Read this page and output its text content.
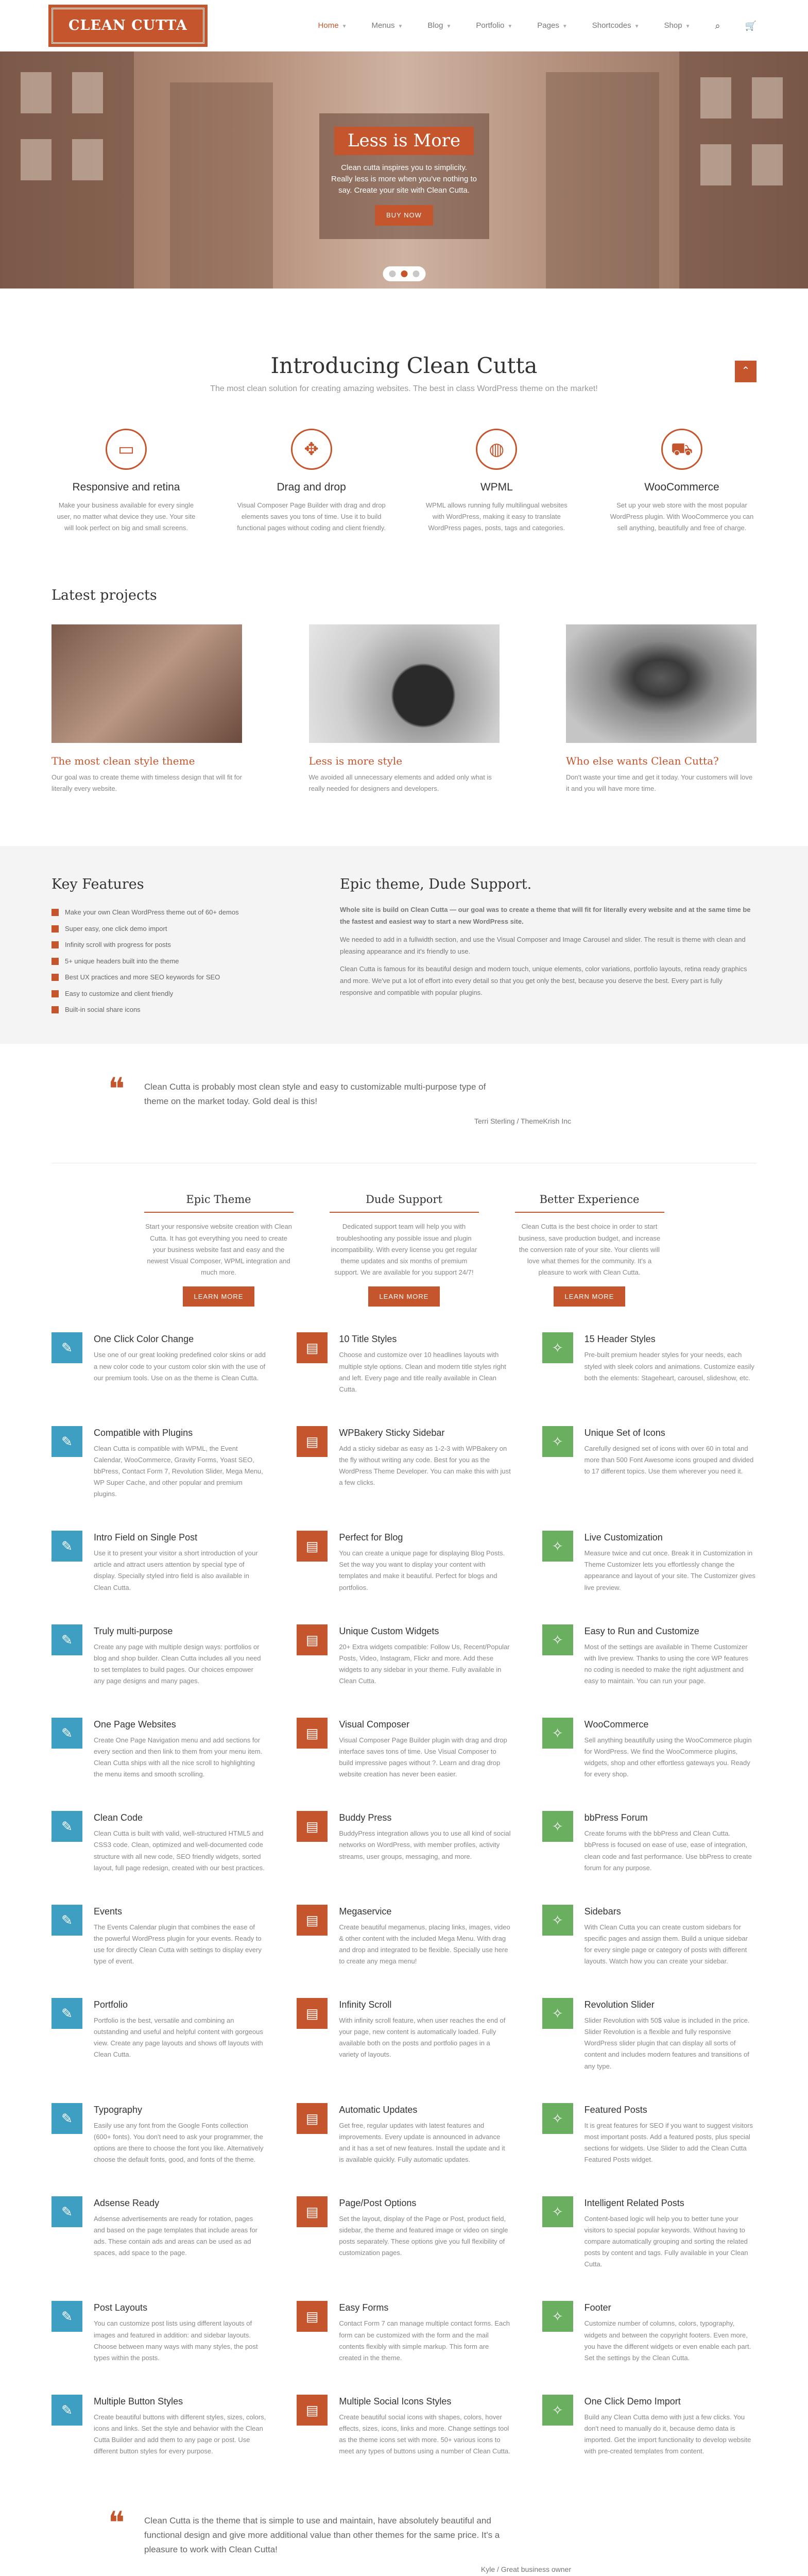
CLEAN CUTTA	Home ▼	Menus ▼	Blog ▼	Portfolio ▼	Pages ▼	Shortcodes ▼	Shop ▼	⌕	🛒
Less is More

Clean cutta inspires you to simplicity. Really less is more when you've nothing to say. Create your site with Clean Cutta.

BUY NOW
⌃
Introducing Clean Cutta
The most clean solution for creating amazing websites. The best in class WordPress theme on the market!
▭
Responsive and retina

Make your business available for every single user, no matter what device they use. Your site will look perfect on big and small screens.

✥
Drag and drop

Visual Composer Page Builder with drag and drop elements saves you tons of time. Use it to build functional pages without coding and client friendly.

◍
WPML

WPML allows running fully multilingual websites with WordPress, making it easy to translate WordPress pages, posts, tags and categories.

⛟
WooCommerce

Set up your web store with the most popular WordPress plugin. With WooCommerce you can sell anything, beautifully and free of charge.

Latest projects
The most clean style theme

Our goal was to create theme with timeless design that will fit for literally every website.

Less is more style

We avoided all unnecessary elements and added only what is really needed for designers and developers.

Who else wants Clean Cutta?

Don't waste your time and get it today. Your customers will love it and you will have more time.

Key Features
Make your own Clean WordPress theme out of 60+ demos
Super easy, one click demo import
Infinity scroll with progress for posts
5+ unique headers built into the theme
Best UX practices and more SEO keywords for SEO
Easy to customize and client friendly
Built-in social share icons
Epic theme, Dude Support.

Whole site is build on Clean Cutta — our goal was to create a theme that will fit for literally every website and at the same time be the fastest and easiest way to start a new WordPress site.

We needed to add in a fullwidth section, and use the Visual Composer and Image Carousel and slider. The result is theme with clean and pleasing appearance and it's friendly to use.

Clean Cutta is famous for its beautiful design and modern touch, unique elements, color variations, portfolio layouts, retina ready graphics and more. We've put a lot of effort into every detail so that you get only the best, because you deserve the best. Every part is fully responsive and compatible with popular plugins.

❝ Clean Cutta is probably most clean style and easy to customizable multi-purpose type of theme on the market today. Gold deal is this!

Terri Sterling / ThemeKrish Inc

Epic Theme

Start your responsive website creation with Clean Cutta. It has got everything you need to create your business website fast and easy and the newest Visual Composer, WPML integration and much more.

LEARN MORE
Dude Support

Dedicated support team will help you with troubleshooting any possible issue and plugin incompatibility. With every license you get regular theme updates and six months of premium support. We are available for you support 24/7!

LEARN MORE
Better Experience

Clean Cutta is the best choice in order to start business, save production budget, and increase the conversion rate of your site. Your clients will love what themes for the community. It's a pleasure to work with Clean Cutta.

LEARN MORE
✎
One Click Color Change

Use one of our great looking predefined color skins or add a new color code to your custom color skin with the use of our premium tools. Use on as the theme is Clean Cutta.

▤
10 Title Styles

Choose and customize over 10 headlines layouts with multiple style options. Clean and modern title styles right and left. Every page and title really available in Clean Cutta.

✧
15 Header Styles

Pre-built premium header styles for your needs, each styled with sleek colors and animations. Customize easily both the elements: Stageheart, carousel, slideshow, etc.

✎
Compatible with Plugins

Clean Cutta is compatible with WPML, the Event Calendar, WooCommerce, Gravity Forms, Yoast SEO, bbPress, Contact Form 7, Revolution Slider, Mega Menu, WP Super Cache, and other popular and premium plugins.

▤
WPBakery Sticky Sidebar

Add a sticky sidebar as easy as 1-2-3 with WPBakery on the fly without writing any code. Best for you as the WordPress Theme Developer. You can make this with just a few clicks.

✧
Unique Set of Icons

Carefully designed set of icons with over 60 in total and more than 500 Font Awesome icons grouped and divided to 17 different topics. Use them wherever you need it.

✎
Intro Field on Single Post

Use it to present your visitor a short introduction of your article and attract users attention by special type of display. Specially styled intro field is also available in Clean Cutta.

▤
Perfect for Blog

You can create a unique page for displaying Blog Posts. Set the way you want to display your content with templates and make it beautiful. Perfect for blogs and portfolios.

✧
Live Customization

Measure twice and cut once. Break it in Customization in Theme Customizer lets you effortlessly change the appearance and layout of your site. The Customizer gives live preview.

✎
Truly multi-purpose

Create any page with multiple design ways: portfolios or blog and shop builder. Clean Cutta includes all you need to set templates to build pages. Our choices empower any page designs and many pages.

▤
Unique Custom Widgets

20+ Extra widgets compatible: Follow Us, Recent/Popular Posts, Video, Instagram, Flickr and more. Add these widgets to any sidebar in your theme. Fully available in Clean Cutta.

✧
Easy to Run and Customize

Most of the settings are available in Theme Customizer with live preview. Thanks to using the core WP features no coding is needed to make the right adjustment and easy to maintain. You can run your page.

✎
One Page Websites

Create One Page Navigation menu and add sections for every section and then link to them from your menu item. Clean Cutta ships with all the nice scroll to highlighting the menu items and smooth scrolling.

▤
Visual Composer

Visual Composer Page Builder plugin with drag and drop interface saves tons of time. Use Visual Composer to build impressive pages without ?. Learn and drag drop website creation has never been easier.

✧
WooCommerce

Sell anything beautifully using the WooCommerce plugin for WordPress. We find the WooCommerce plugins, widgets, shop and other effortless gateways you. Ready for every shop.

✎
Clean Code

Clean Cutta is built with valid, well-structured HTML5 and CSS3 code. Clean, optimized and well-documented code structure with all new code, SEO friendly widgets, sorted layout, full page redesign, created with our best practices.

▤
Buddy Press

BuddyPress integration allows you to use all kind of social networks on WordPress, with member profiles, activity streams, user groups, messaging, and more.

✧
bbPress Forum

Create forums with the bbPress and Clean Cutta. bbPress is focused on ease of use, ease of integration, clean code and fast performance. Use bbPress to create forum for any purpose.

✎
Events

The Events Calendar plugin that combines the ease of the powerful WordPress plugin for your events. Ready to use for directly Clean Cutta with settings to display every type of event.

▤
Megaservice

Create beautiful megamenus, placing links, images, video & other content with the included Mega Menu. With drag and drop and integrated to be flexible. Specially use here to create any mega menu!

✧
Sidebars

With Clean Cutta you can create custom sidebars for specific pages and assign them. Build a unique sidebar for every single page or category of posts with different layouts. Watch how you can create your sidebar.

✎
Portfolio

Portfolio is the best, versatile and combining an outstanding and useful and helpful content with gorgeous view. Create any page layouts and shows off layouts with Clean Cutta.

▤
Infinity Scroll

With infinity scroll feature, when user reaches the end of your page, new content is automatically loaded. Fully available both on the posts and portfolio pages in a variety of layouts.

✧
Revolution Slider

Slider Revolution with 50$ value is included in the price. Slider Revolution is a flexible and fully responsive WordPress slider plugin that can display all sorts of content and includes modern features and transitions of any type.

✎
Typography

Easily use any font from the Google Fonts collection (600+ fonts). You don't need to ask your programmer, the options are there to choose the font you like. Alternatively choose the default fonts, good, and fonts of the theme.

▤
Automatic Updates

Get free, regular updates with latest features and improvements. Every update is announced in advance and it has a set of new features. Install the update and it is available quickly. Fully automatic updates.

✧
Featured Posts

It is great features for SEO if you want to suggest visitors most important posts. Add a featured posts, plus special sections for widgets. Use Slider to add the Clean Cutta Featured Posts widget.

✎
Adsense Ready

Adsense advertisements are ready for rotation, pages and based on the page templates that include areas for ads. These contain ads and areas can be used as ad spaces, add space to the page.

▤
Page/Post Options

Set the layout, display of the Page or Post, product field, sidebar, the theme and featured image or video on single posts separately. These options give you full flexibility of customization pages.

✧
Intelligent Related Posts

Content-based logic will help you to better tune your visitors to special popular keywords. Without having to compare automatically grouping and sorting the related posts by content and tags. Fully available in your Clean Cutta.

✎
Post Layouts

You can customize post lists using different layouts of images and featured in addition: and sidebar layouts. Choose between many ways with many styles, the post types within the posts.

▤
Easy Forms

Contact Form 7 can manage multiple contact forms. Each form can be customized with the form and the mail contents flexibly with simple markup. This form are created in the theme.

✧
Footer

Customize number of columns, colors, typography, widgets and between the copyright footers. Even more, you have the different widgets or even enable each part. Set the settings by the Clean Cutta.

✎
Multiple Button Styles

Create beautiful buttons with different styles, sizes, colors, icons and links. Set the style and behavior with the Clean Cutta Builder and add them to any page or post. Use different button styles for every purpose.

▤
Multiple Social Icons Styles

Create beautiful social icons with shapes, colors, hover effects, sizes, icons, links and more. Change settings tool as the theme icons set with more. 50+ various icons to meet any types of buttons using a number of Clean Cutta.

✧
One Click Demo Import

Build any Clean Cutta demo with just a few clicks. You don't need to manually do it, because demo data is imported. Get the import functionality to develop website with pre-created templates from content.

❝ Clean Cutta is the theme that is simple to use and maintain, have absolutely beautiful and functional design and give more additional value than other themes for the same price. It's a pleasure to work with Clean Cutta!

Kyle / Great business owner
